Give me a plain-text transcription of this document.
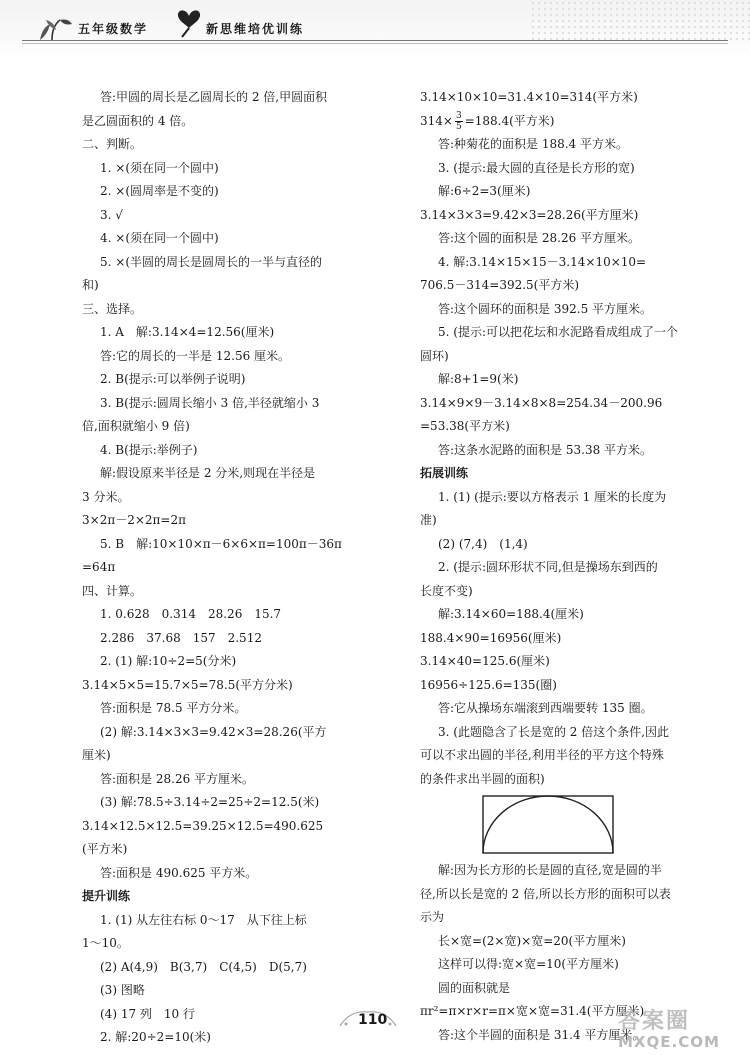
五年级数学	新思维培优训练
答:甲圆的周长是乙圆周长的 2 倍,甲圆面积
是乙圆面积的 4 倍。
二、判断。
1. ×(须在同一个圆中)
2. ×(圆周率是不变的)
3. √
4. ×(须在同一个圆中)
5. ×(半圆的周长是圆周长的一半与直径的
和)
三、选择。
1. A　解:3.14×4=12.56(厘米)
答:它的周长的一半是 12.56 厘米。
2. B(提示:可以举例子说明)
3. B(提示:圆周长缩小 3 倍,半径就缩小 3
倍,面积就缩小 9 倍)
4. B(提示:举例子)
解:假设原来半径是 2 分米,则现在半径是
3 分米。
3×2π－2×2π=2π
5. B　解:10×10×π－6×6×π=100π－36π
=64π
四、计算。
1. 0.628　0.314　28.26　15.7
2.286　37.68　157　2.512
2. (1) 解:10÷2=5(分米)
3.14×5×5=15.7×5=78.5(平方分米)
答:面积是 78.5 平方分米。
(2) 解:3.14×3×3=9.42×3=28.26(平方
厘米)
答:面积是 28.26 平方厘米。
(3) 解:78.5÷3.14÷2=25÷2=12.5(米)
3.14×12.5×12.5=39.25×12.5=490.625
(平方米)
答:面积是 490.625 平方米。
提升训练
1. (1) 从左往右标 0～17　从下往上标
1～10。
(2) A(4,9)　B(3,7)　C(4,5)　D(5,7)
(3) 图略
(4) 17 列　10 行
2. 解:20÷2=10(米)
3.14×10×10=31.4×10=314(平方米)
$314\times \frac{3}{5} =188.4$(平方米)
答:种菊花的面积是 188.4 平方米。
3. (提示:最大圆的直径是长方形的宽)
解:6÷2=3(厘米)
3.14×3×3=9.42×3=28.26(平方厘米)
答:这个圆的面积是 28.26 平方厘米。
4. 解:3.14×15×15－3.14×10×10=
706.5－314=392.5(平方米)
答:这个圆环的面积是 392.5 平方厘米。
5. (提示:可以把花坛和水泥路看成组成了一个
圆环)
解:8+1=9(米)
3.14×9×9－3.14×8×8=254.34－200.96
=53.38(平方米)
答:这条水泥路的面积是 53.38 平方米。
拓展训练
1. (1) (提示:要以方格表示 1 厘米的长度为
准)
(2) (7,4)　(1,4)
2. (提示:圆环形状不同,但是操场东到西的
长度不变)
解:3.14×60=188.4(厘米)
188.4×90=16956(厘米)
3.14×40=125.6(厘米)
16956÷125.6=135(圈)
答:它从操场东端滚到西端要转 135 圈。
3. (此题隐含了长是宽的 2 倍这个条件,因此
可以不求出圆的半径,利用半径的平方这个特殊
的条件求出半圆的面积)
解:因为长方形的长是圆的直径,宽是圆的半
径,所以长是宽的 2 倍,所以长方形的面积可以表
示为
长×宽=(2×宽)×宽=20(平方厘米)
这样可以得:宽×宽=10(平方厘米)
圆的面积就是
πr²=π×r×r=π×宽×宽=31.4(平方厘米)
答:这个半圆的面积是 31.4 平方厘米。
110	答案圈
MXQE.COM
